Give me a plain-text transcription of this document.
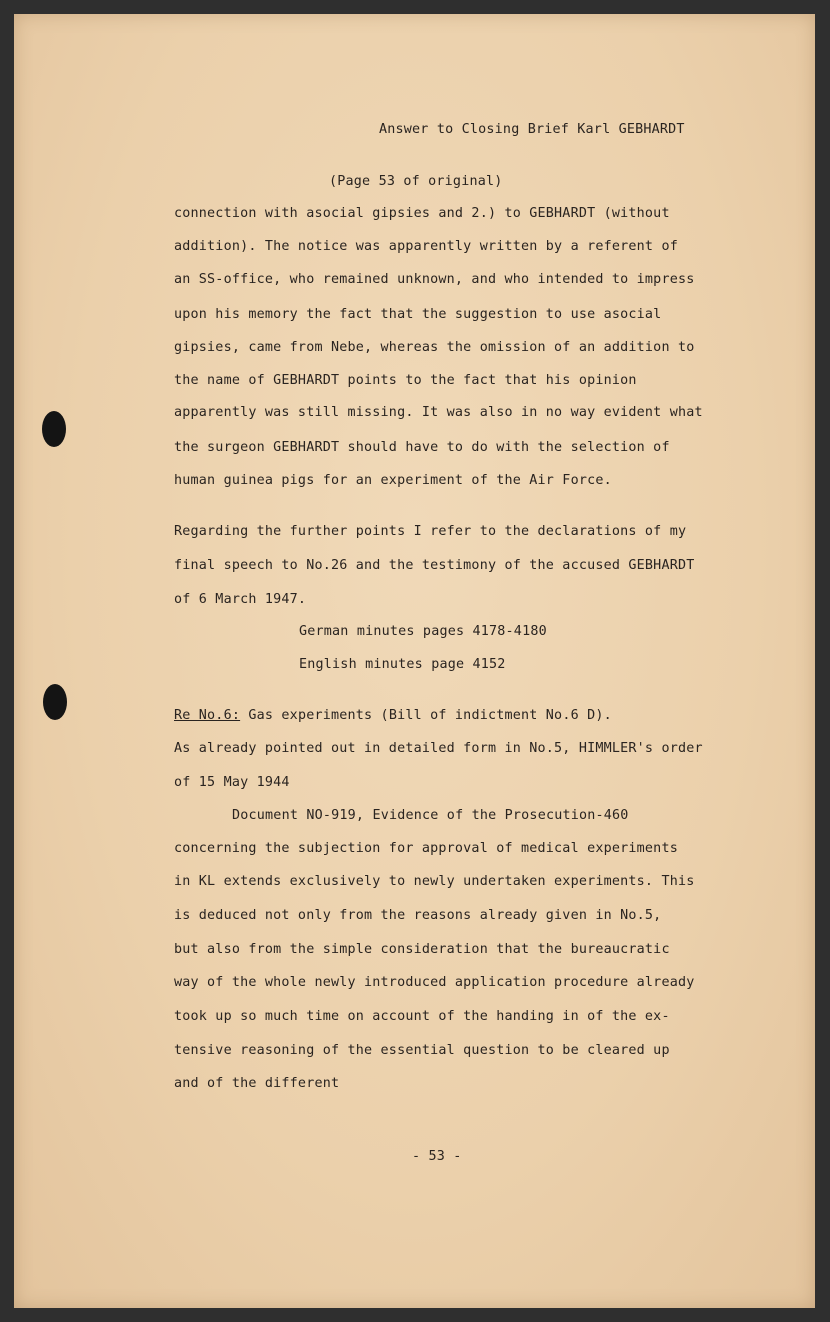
Answer to Closing Brief Karl GEBHARDT

(Page 53 of original)

connection with asocial gipsies and 2.) to GEBHARDT (without

addition). The notice was apparently written by a referent of

an SS-office, who remained unknown, and who intended to impress

upon his memory the fact that the suggestion to use asocial

gipsies, came from Nebe, whereas the omission of an addition to

the name of GEBHARDT points to the fact that his opinion

apparently was still missing. It was also in no way evident what

the surgeon GEBHARDT should have to do with the selection of

human guinea pigs for an experiment of the Air Force.

Regarding the further points I refer to the declarations of my

final speech to No.26 and the testimony of the accused GEBHARDT

of 6 March 1947.

German minutes pages 4178-4180

English minutes page 4152

Re No.6: Gas experiments (Bill of indictment No.6 D).

As already pointed out in detailed form in No.5, HIMMLER's order

of 15 May 1944

Document NO-919, Evidence of the Prosecution-460

concerning the subjection for approval of medical experiments

in KL extends exclusively to newly undertaken experiments. This

is deduced not only from the reasons already given in No.5,

but also from the simple consideration that the bureaucratic

way of the whole newly introduced application procedure already

took up so much time on account of the handing in of the ex-

tensive reasoning of the essential question to be cleared up

and of the different

- 53 -
